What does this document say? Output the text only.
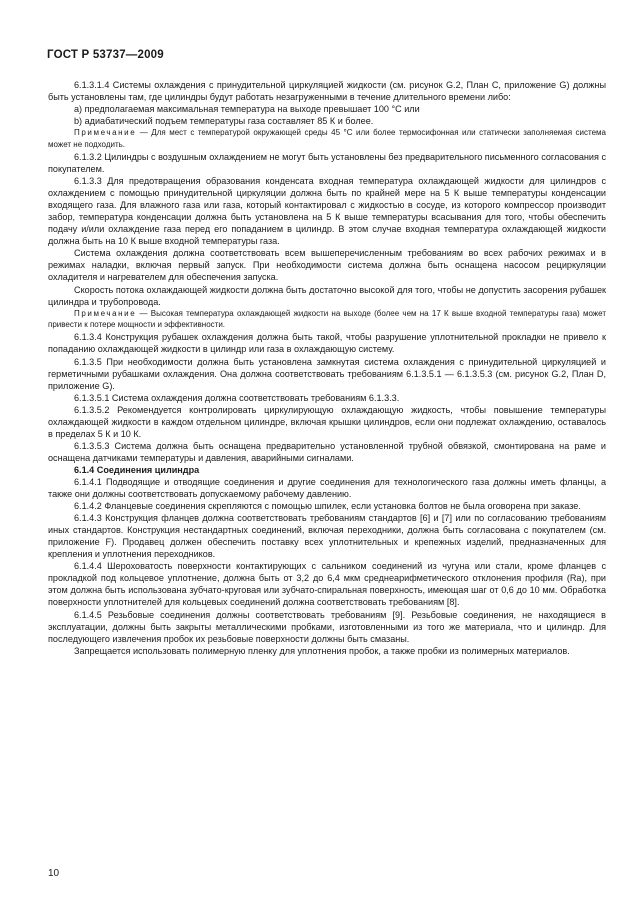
ГОСТ Р 53737—2009

6.1.3.1.4 Системы охлаждения с принудительной циркуляцией жидкости (см. рисунок G.2, План С, приложение G) должны быть установлены там, где цилиндры будут работать незагруженными в течение длительного времени либо:

a) предполагаемая максимальная температура на выходе превышает 100 °С или

b) адиабатический подъем температуры газа составляет 85 К и более.

Примечание — Для мест с температурой окружающей среды 45 °С или более термосифонная или статически заполняемая система может не подходить.

6.1.3.2 Цилиндры с воздушным охлаждением не могут быть установлены без предварительного письменного согласования с покупателем.

6.1.3.3 Для предотвращения образования конденсата входная температура охлаждающей жидкости для цилиндров с охлаждением с помощью принудительной циркуляции должна быть по крайней мере на 5 К выше температуры конденсации входящего газа. Для влажного газа или газа, который контактировал с жидкостью в сосуде, из которого компрессор производит забор, температура конденсации должна быть установлена на 5 К выше температуры всасывания для того, чтобы обеспечить подачу и/или охлаждение газа перед его попаданием в цилиндр. В этом случае входная температура охлаждающей жидкости должна быть на 10 К выше входной температуры газа.

Система охлаждения должна соответствовать всем вышеперечисленным требованиям во всех рабочих режимах и в режимах наладки, включая первый запуск. При необходимости система должна быть оснащена насосом рециркуляции охладителя и нагревателем для обеспечения запуска.

Скорость потока охлаждающей жидкости должна быть достаточно высокой для того, чтобы не допустить засорения рубашек цилиндра и трубопровода.

Примечание — Высокая температура охлаждающей жидкости на выходе (более чем на 17 К выше входной температуры газа) может привести к потере мощности и эффективности.

6.1.3.4 Конструкция рубашек охлаждения должна быть такой, чтобы разрушение уплотнительной прокладки не привело к попаданию охлаждающей жидкости в цилиндр или газа в охлаждающую систему.

6.1.3.5 При необходимости должна быть установлена замкнутая система охлаждения с принудительной циркуляцией и герметичными рубашками охлаждения. Она должна соответствовать требованиям 6.1.3.5.1 — 6.1.3.5.3 (см. рисунок G.2, План D, приложение G).

6.1.3.5.1 Система охлаждения должна соответствовать требованиям 6.1.3.3.

6.1.3.5.2 Рекомендуется контролировать циркулирующую охлаждающую жидкость, чтобы повышение температуры охлаждающей жидкости в каждом отдельном цилиндре, включая крышки цилиндров, если они подлежат охлаждению, оставалось в пределах 5 К и 10 К.

6.1.3.5.3 Система должна быть оснащена предварительно установленной трубной обвязкой, смонтирована на раме и оснащена датчиками температуры и давления, аварийными сигналами.

6.1.4 Соединения цилиндра

6.1.4.1 Подводящие и отводящие соединения и другие соединения для технологического газа должны иметь фланцы, а также они должны соответствовать допускаемому рабочему давлению.

6.1.4.2 Фланцевые соединения скрепляются с помощью шпилек, если установка болтов не была оговорена при заказе.

6.1.4.3 Конструкция фланцев должна соответствовать требованиям стандартов [6] и [7] или по согласованию требованиям иных стандартов. Конструкция нестандартных соединений, включая переходники, должна быть согласована с покупателем (см. приложение F). Продавец должен обеспечить поставку всех уплотнительных и крепежных изделий, предназначенных для крепления и уплотнения переходников.

6.1.4.4 Шероховатость поверхности контактирующих с сальником соединений из чугуна или стали, кроме фланцев с прокладкой под кольцевое уплотнение, должна быть от 3,2 до 6,4 мкм среднеарифметического отклонения профиля (Ra), при этом должна быть использована зубчато-круговая или зубчато-спиральная поверхность, имеющая шаг от 0,6 до 10 мм. Обработка поверхности уплотнителей для кольцевых соединений должна соответствовать требованиям [8].

6.1.4.5 Резьбовые соединения должны соответствовать требованиям [9]. Резьбовые соединения, не находящиеся в эксплуатации, должны быть закрыты металлическими пробками, изготовленными из того же материала, что и цилиндр. Для последующего извлечения пробок их резьбовые поверхности должны быть смазаны.

Запрещается использовать полимерную пленку для уплотнения пробок, а также пробки из полимерных материалов.

10
